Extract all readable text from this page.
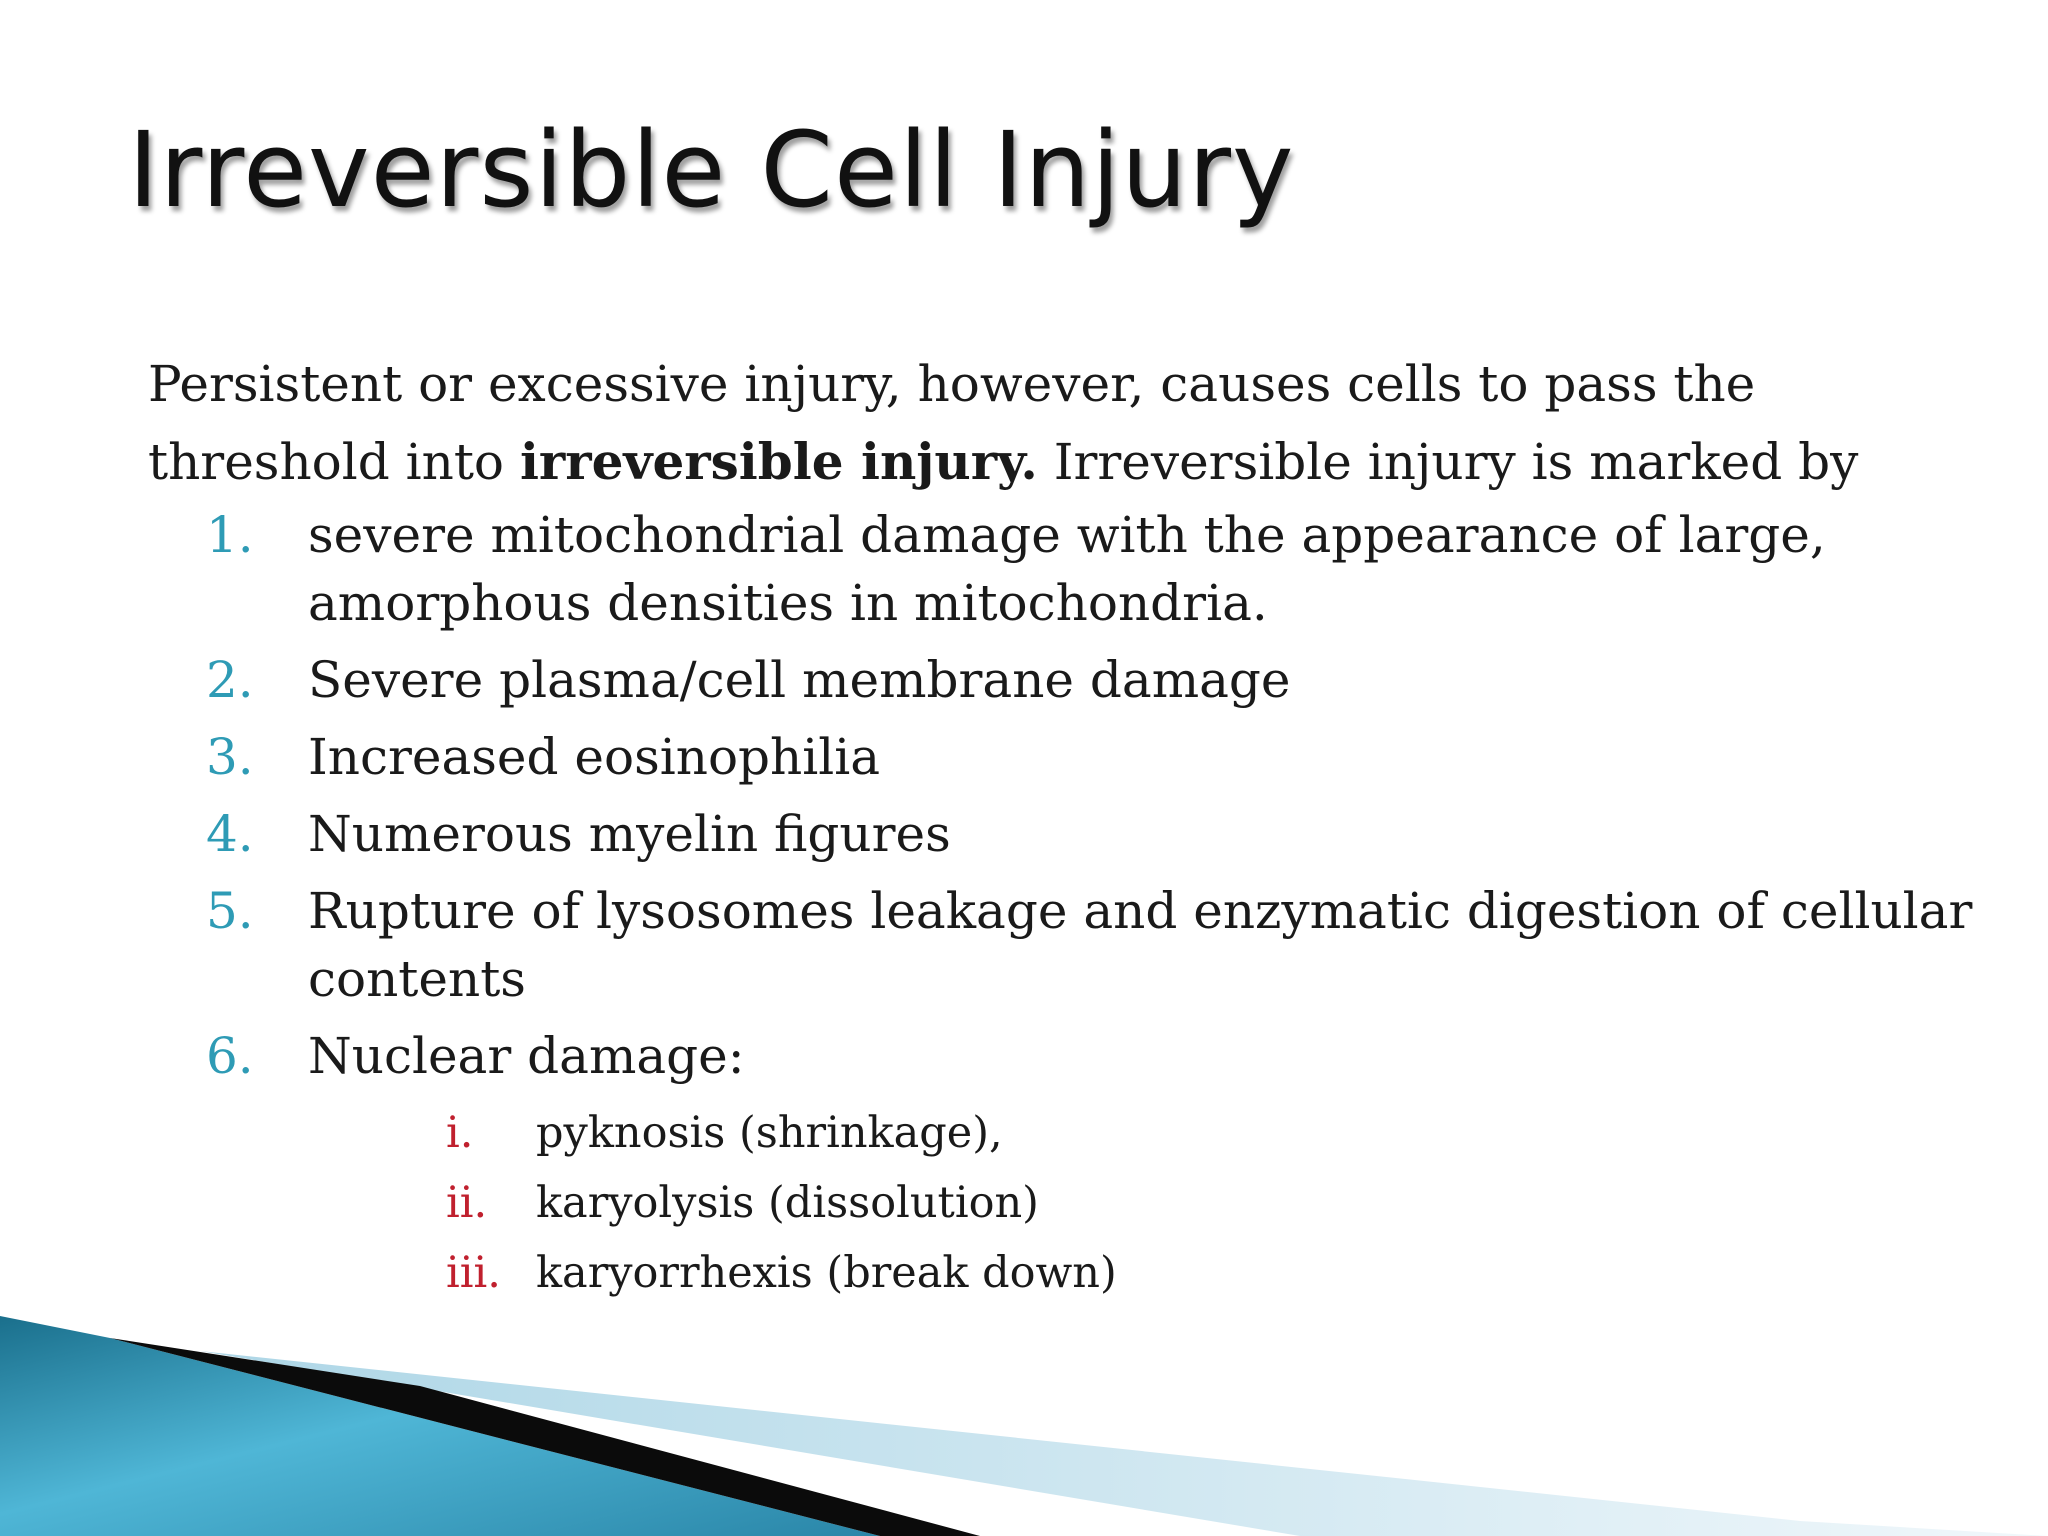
Irreversible Cell Injury

Persistent or excessive injury, however, causes cells to pass the threshold into irreversible injury. Irreversible injury is marked by

1. severe mitochondrial damage with the appearance of large, amorphous densities in mitochondria.
2. Severe plasma/cell membrane damage
3. Increased eosinophilia
4. Numerous myelin figures
5. Rupture of lysosomes leakage and enzymatic digestion of cellular contents
6. Nuclear damage:
i. pyknosis (shrinkage),
ii. karyolysis (dissolution)
iii. karyorrhexis (break down)
